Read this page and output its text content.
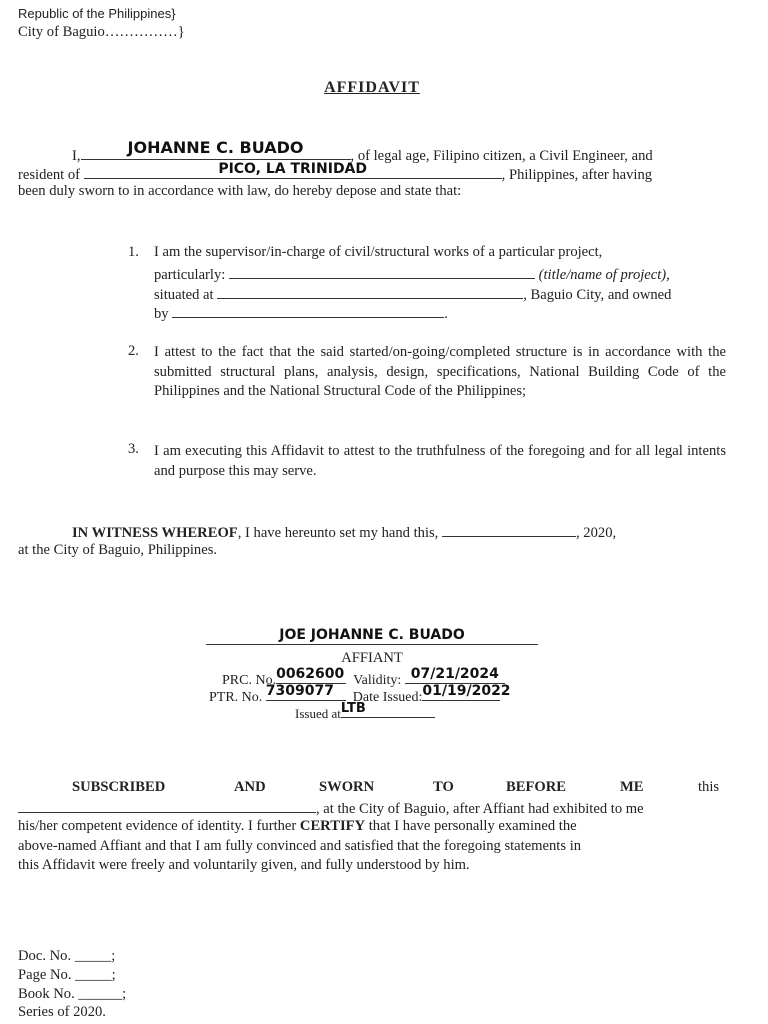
Republic of the Philippines}
City of Baguio……………}
AFFIDAVIT
I,	JOHANNE C. BUADO	, of legal age, Filipino citizen, a Civil Engineer, and
resident of	PICO, LA TRINIDAD	, Philippines, after having
been duly sworn to in accordance with law, do hereby depose and state that:
1. I am the supervisor/in-charge of civil/structural works of a particular project,
particularly:	(title/name of project),
situated at	, Baguio City, and owned
by	.
2. I attest to the fact that the said started/on-going/completed structure is in accordance with the submitted structural plans, analysis, design, specifications, National Building Code of the Philippines and the National Structural Code of the Philippines;
3. I am executing this Affidavit to attest to the truthfulness of the foregoing and for all legal intents and purpose this may serve.
IN WITNESS WHEREOF, I have hereunto set my hand this,	, 2020,
at the City of Baguio, Philippines.
JOE JOHANNE C. BUADO
AFFIANT
PRC. No. 0062600 Validity: 07/21/2024
PTR. No. 7309077	Date Issued: 01/19/2022
Issued at LTB
SUBSCRIBED	AND	SWORN	TO	BEFORE	ME	this
, at the City of Baguio, after Affiant had exhibited to me
his/her competent evidence of identity. I further CERTIFY that I have personally examined the
above-named Affiant and that I am fully convinced and satisfied that the foregoing statements in
this Affidavit were freely and voluntarily given, and fully understood by him.
Doc. No. _____;
Page No. _____;
Book No. ______;
Series of 2020.
